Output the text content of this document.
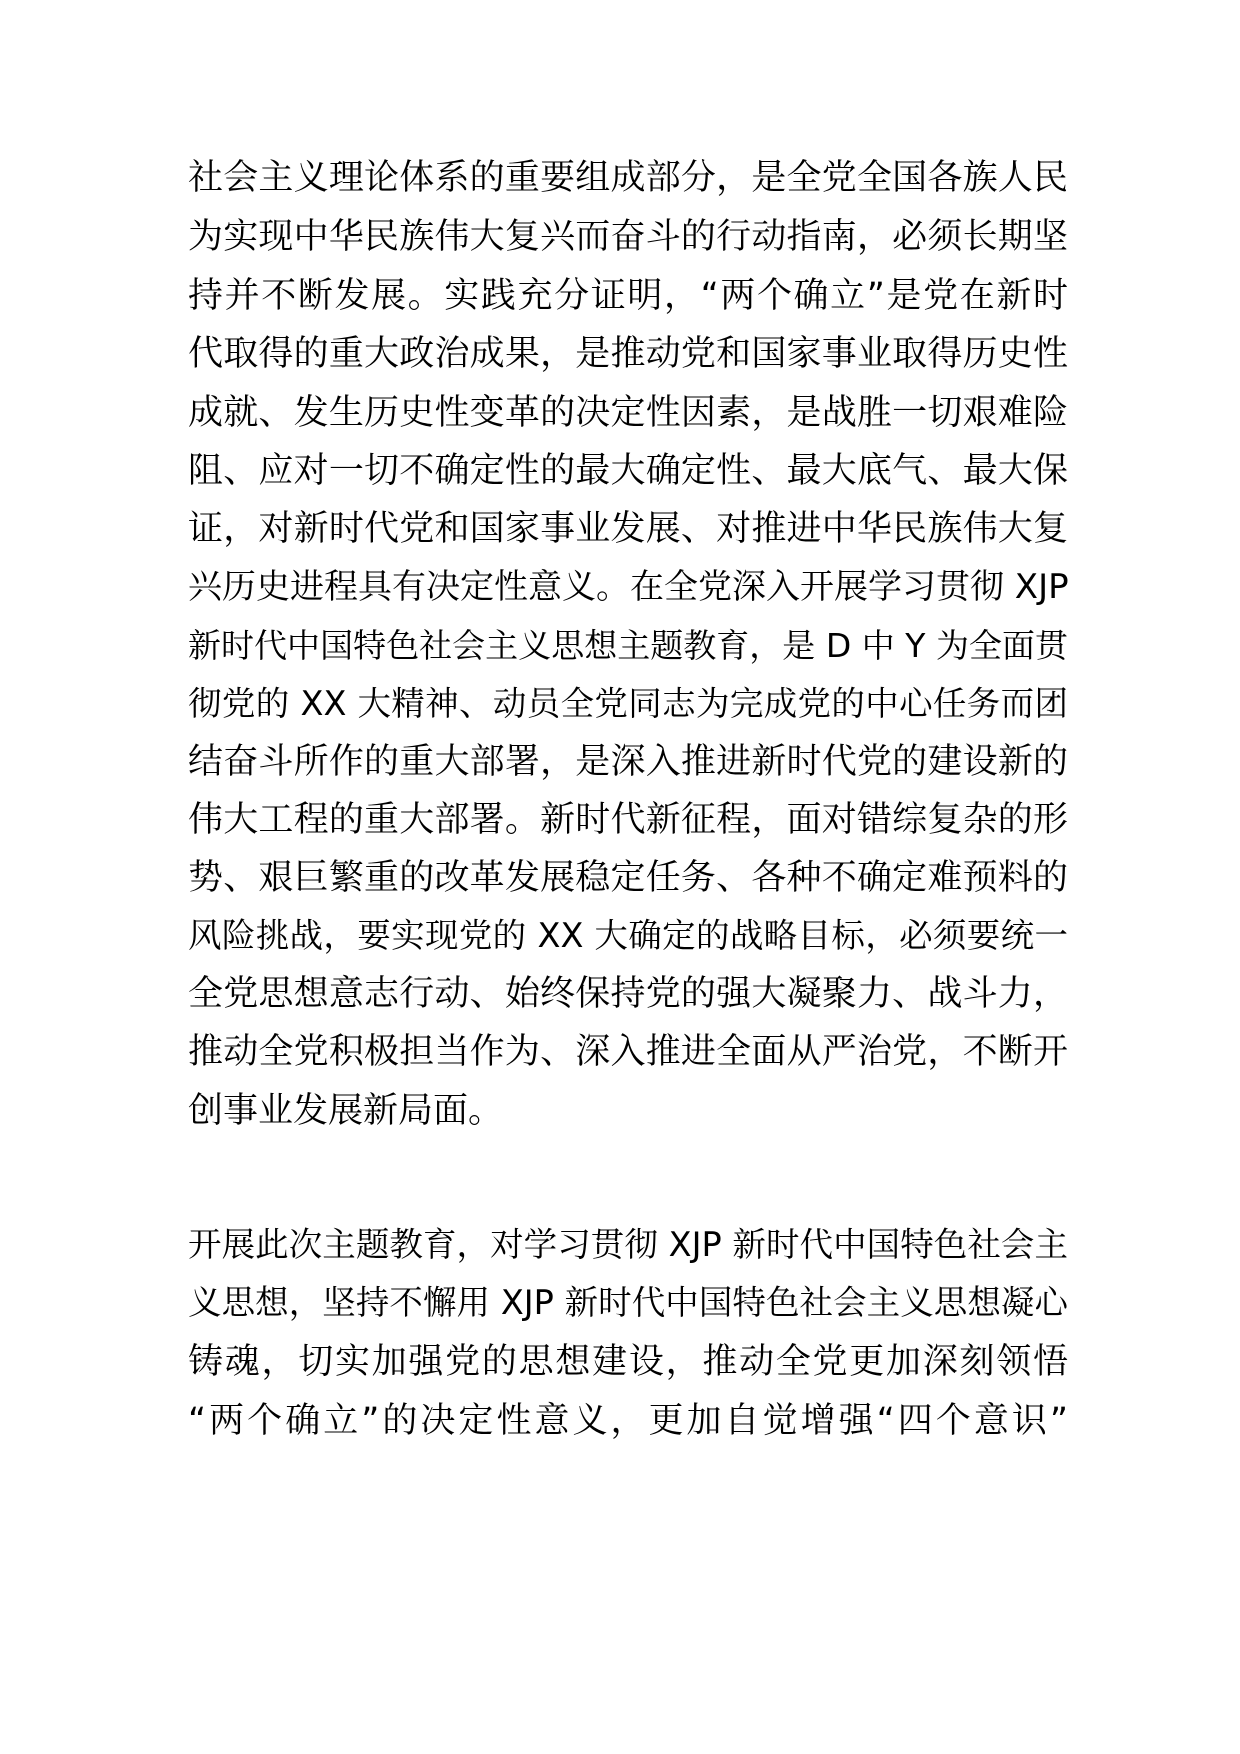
社会主义理论体系的重要组成部分，是全党全国各族人民

为实现中华民族伟大复兴而奋斗的行动指南，必须长期坚

持并不断发展。实践充分证明，“两个确立”是党在新时

代取得的重大政治成果，是推动党和国家事业取得历史性

成就、发生历史性变革的决定性因素，是战胜一切艰难险

阻、应对一切不确定性的最大确定性、最大底气、最大保

证，对新时代党和国家事业发展、对推进中华民族伟大复

兴历史进程具有决定性意义。在全党深入开展学习贯彻 XJP

新时代中国特色社会主义思想主题教育，是 D 中 Y 为全面贯

彻党的 XX 大精神、动员全党同志为完成党的中心任务而团

结奋斗所作的重大部署，是深入推进新时代党的建设新的

伟大工程的重大部署。新时代新征程，面对错综复杂的形

势、艰巨繁重的改革发展稳定任务、各种不确定难预料的

风险挑战，要实现党的 XX 大确定的战略目标，必须要统一

全党思想意志行动、始终保持党的强大凝聚力、战斗力，

推动全党积极担当作为、深入推进全面从严治党，不断开

创事业发展新局面。

开展此次主题教育，对学习贯彻 XJP 新时代中国特色社会主

义思想，坚持不懈用 XJP 新时代中国特色社会主义思想凝心

铸魂，切实加强党的思想建设，推动全党更加深刻领悟

“两个确立”的决定性意义，更加自觉增强“四个意识”
